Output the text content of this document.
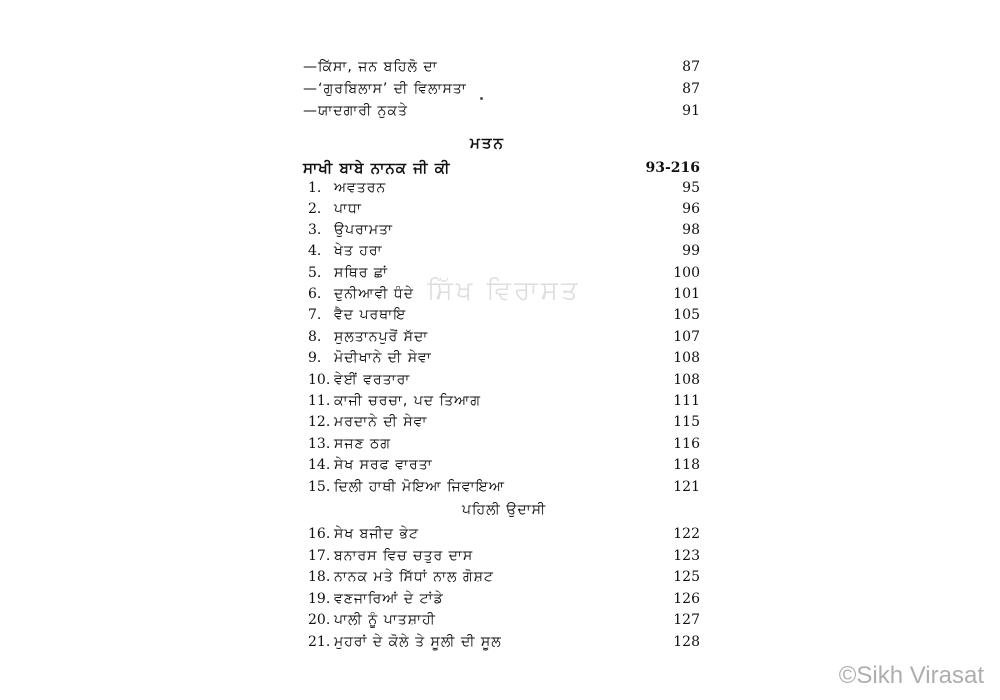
—ਕਿੱਸਾ, ਜਨ ਬਹਿਲੋ ਦਾ	87
—‘ਗੁਰਬਿਲਾਸ’ ਦੀ ਵਿਲਾਸਤਾ	87
—ਯਾਦਗਾਰੀ ਨੁਕਤੇ	91
ਮਤਨ
ਸਾਖੀ ਬਾਬੇ ਨਾਨਕ ਜੀ ਕੀ	93-216
1. ਅਵਤਰਨ	95
2. ਪਾਧਾ	96
3. ਉਪਰਾਮਤਾ	98
4. ਖੇਤ ਹਰਾ	99
5. ਸਥਿਰ ਛਾਂ	100
6. ਦੁਨੀਆਵੀ ਧੰਦੇ	101
7. ਵੈਦ ਪਰਥਾਇ	105
8. ਸੁਲਤਾਨਪੁਰੋਂ ਸੱਦਾ	107
9. ਮੋਦੀਖਾਨੇ ਦੀ ਸੇਵਾ	108
10. ਵੇਈਂ ਵਰਤਾਰਾ	108
11. ਕਾਜੀ ਚਰਚਾ, ਪਦ ਤਿਆਗ	111
12. ਮਰਦਾਨੇ ਦੀ ਸੇਵਾ	115
13. ਸਜਣ ਠਗ	116
14. ਸੇਖ ਸਰਫ ਵਾਰਤਾ	118
15. ਦਿਲੀ ਹਾਥੀ ਮੋਇਆ ਜਿਵਾਇਆ	121
ਪਹਿਲੀ ਉਦਾਸੀ
16. ਸੇਖ ਬਜੀਦ ਭੇਟ	122
17. ਬਨਾਰਸ ਵਿਚ ਚਤੁਰ ਦਾਸ	123
18. ਨਾਨਕ ਮਤੇ ਸਿੱਧਾਂ ਨਾਲ ਗੋਸ਼ਟ	125
19. ਵਣਜਾਰਿਆਂ ਦੇ ਟਾਂਡੇ	126
20. ਪਾਲੀ ਨੂੰ ਪਾਤਸ਼ਾਹੀ	127
21. ਮੁਹਰਾਂ ਦੇ ਕੋਲੇ ਤੇ ਸੂਲੀ ਦੀ ਸੂਲ	128
ਸਿੱਖ ਵਿਰਾਸਤ
©Sikh Virasat
